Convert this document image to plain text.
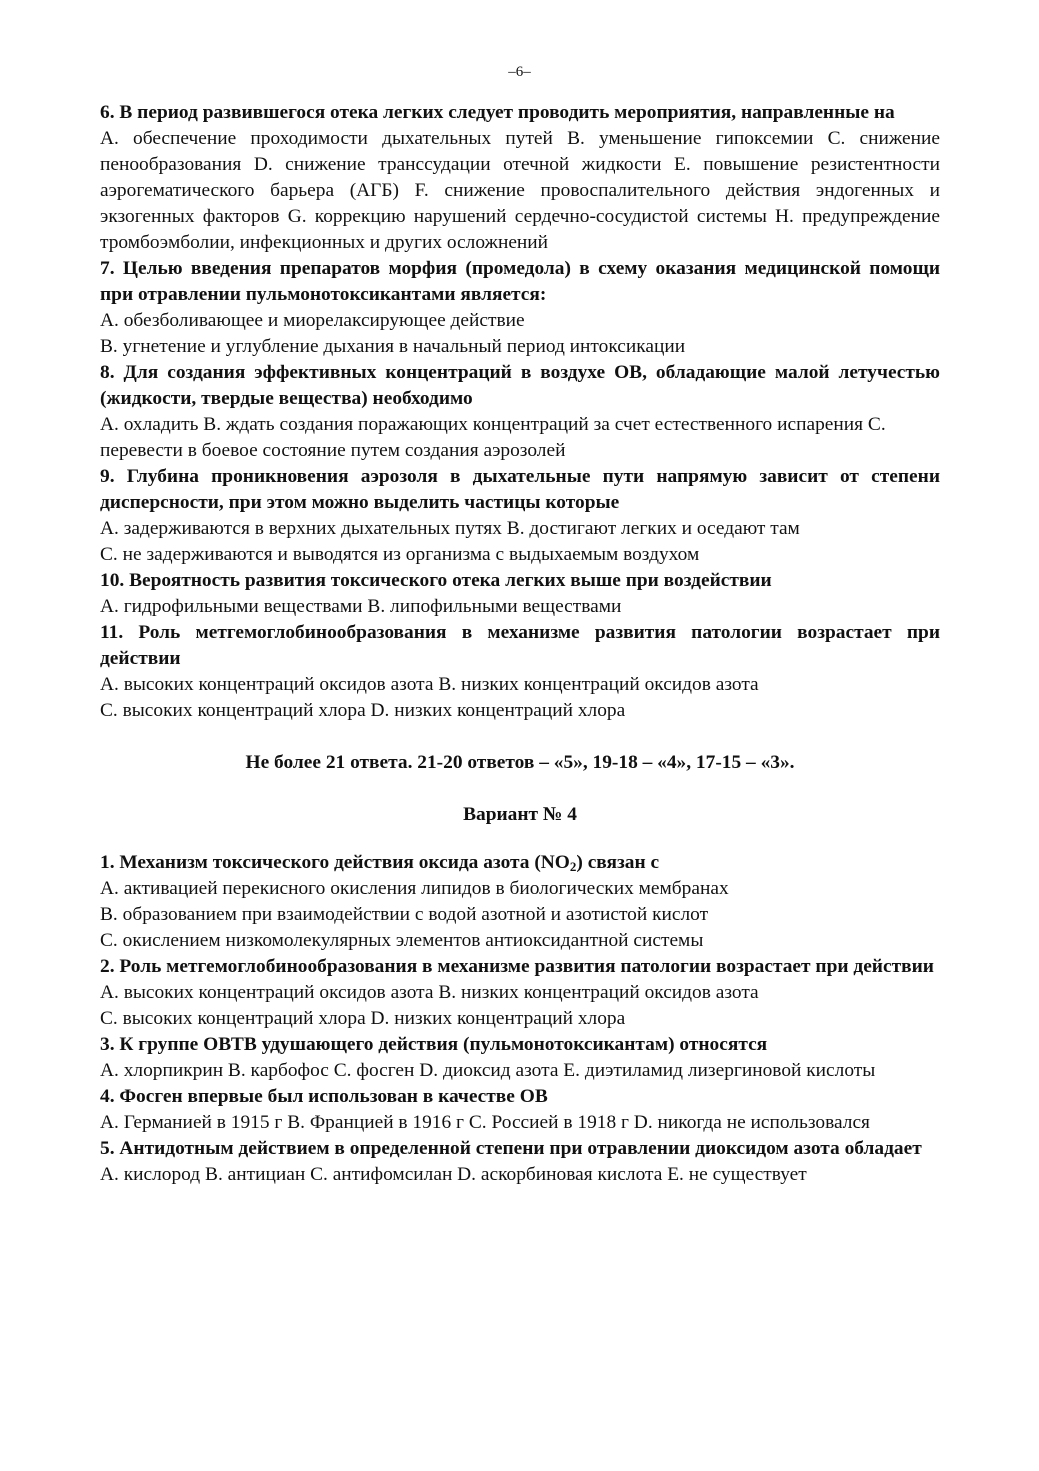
–6–
6. В период развившегося отека легких следует проводить мероприятия, направленные на
A. обеспечение проходимости дыхательных путей B. уменьшение гипоксемии C. снижение пенообразования D. снижение транссудации отечной жидкости E. повышение резистентности аэрогематического барьера (АГБ) F. снижение провоспалительного действия эндогенных и экзогенных факторов G. коррекцию нарушений сердечно-сосудистой системы H. предупреждение тромбоэмболии, инфекционных и других осложнений
7. Целью введения препаратов морфия (промедола) в схему оказания медицинской помощи при отравлении пульмонотоксикантами является:
A. обезболивающее и миорелаксирующее действие
B. угнетение и углубление дыхания в начальный период интоксикации
8. Для создания эффективных концентраций в воздухе ОВ, обладающие малой летучестью (жидкости, твердые вещества) необходимо
A. охладить B. ждать создания поражающих концентраций за счет естественного испарения C. перевести в боевое состояние путем создания аэрозолей
9. Глубина проникновения аэрозоля в дыхательные пути напрямую зависит от степени дисперсности, при этом можно выделить частицы которые
A. задерживаются в верхних дыхательных путях B. достигают легких и оседают там
C. не задерживаются и выводятся из организма с выдыхаемым воздухом
10. Вероятность развития токсического отека легких выше при воздействии
A. гидрофильными веществами B. липофильными веществами
11. Роль метгемоглобинообразования в механизме развития патологии возрастает при действии
A. высоких концентраций оксидов азота B. низких концентраций оксидов азота
C. высоких концентраций хлора D. низких концентраций хлора
Не более 21 ответа. 21-20 ответов – «5», 19-18 – «4», 17-15 – «3».
Вариант № 4
1. Механизм токсического действия оксида азота $(NO_2)$ связан с
A. активацией перекисного окисления липидов в биологических мембранах
B. образованием при взаимодействии с водой азотной и азотистой кислот
C. окислением низкомолекулярных элементов антиоксидантной системы
2. Роль метгемоглобинообразования в механизме развития патологии возрастает при действии
A. высоких концентраций оксидов азота B. низких концентраций оксидов азота
C. высоких концентраций хлора D. низких концентраций хлора
3. К группе ОВТВ удушающего действия (пульмонотоксикантам) относятся
A. хлорпикрин B. карбофос C. фосген D. диоксид азота E. диэтиламид лизергиновой кислоты
4. Фосген впервые был использован в качестве ОВ
A. Германией в 1915 г B. Францией в 1916 г C. Россией в 1918 г D. никогда не использовался
5. Антидотным действием в определенной степени при отравлении диоксидом азота обладает
A. кислород B. антициан C. антифомсилан D. аскорбиновая кислота E. не существует
